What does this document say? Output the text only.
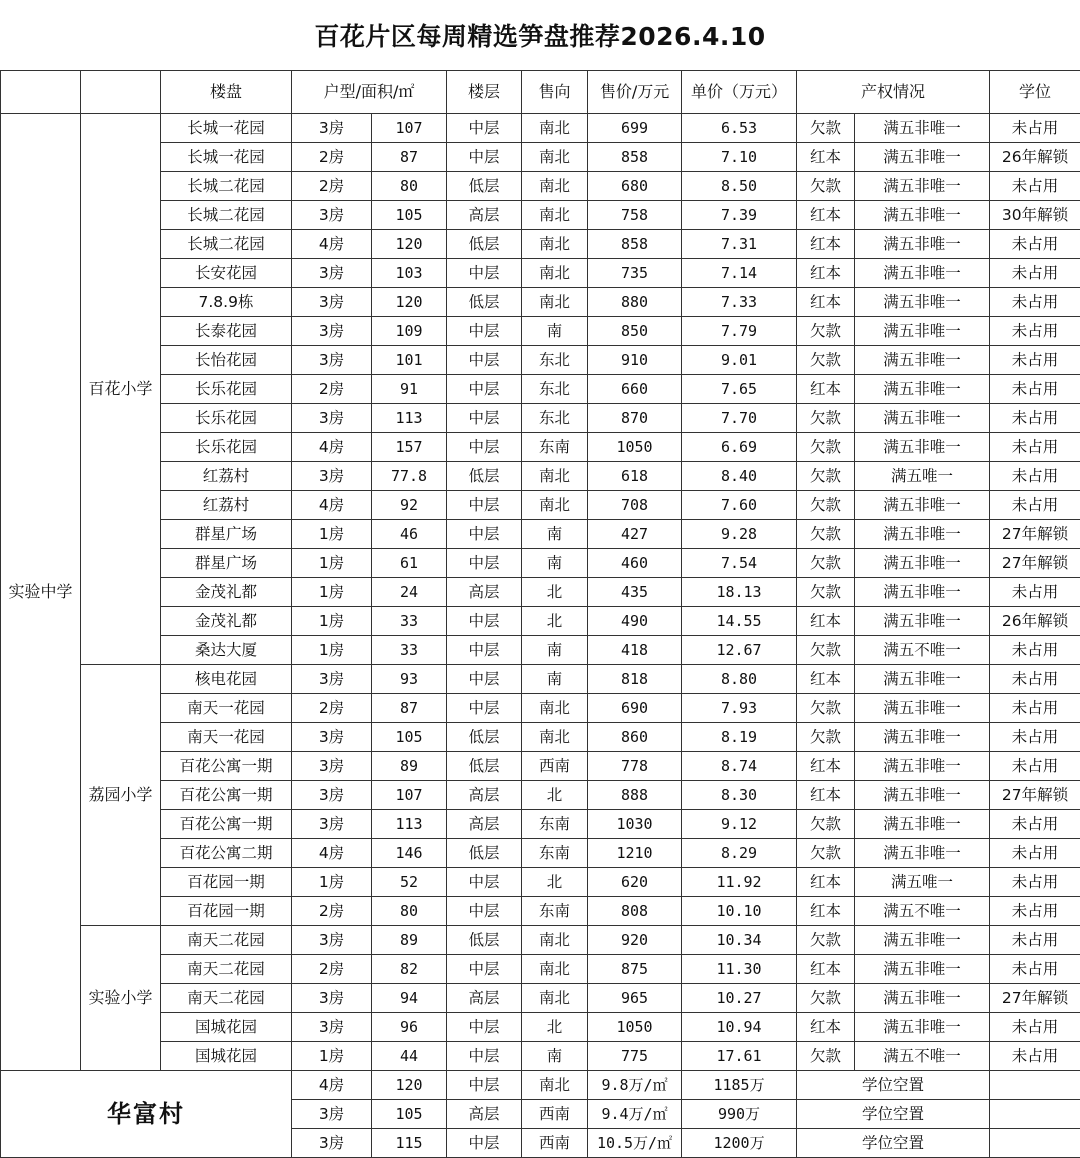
百花片区每周精选笋盘推荐2026.4.10
		楼盘	户型/面积/㎡		楼层	售向	售价/万元	单价（万元）	产权情况		学位
实验中学	百花小学	长城一花园	3房	107	中层	南北	699	6.53	欠款	满五非唯一	未占用
		长城一花园	2房	87	中层	南北	858	7.10	红本	满五非唯一	26年解锁
		长城二花园	2房	80	低层	南北	680	8.50	欠款	满五非唯一	未占用
		长城二花园	3房	105	高层	南北	758	7.39	红本	满五非唯一	30年解锁
		长城二花园	4房	120	低层	南北	858	7.31	红本	满五非唯一	未占用
		长安花园	3房	103	中层	南北	735	7.14	红本	满五非唯一	未占用
		7.8.9栋	3房	120	低层	南北	880	7.33	红本	满五非唯一	未占用
		长泰花园	3房	109	中层	南	850	7.79	欠款	满五非唯一	未占用
		长怡花园	3房	101	中层	东北	910	9.01	欠款	满五非唯一	未占用
		长乐花园	2房	91	中层	东北	660	7.65	红本	满五非唯一	未占用
		长乐花园	3房	113	中层	东北	870	7.70	欠款	满五非唯一	未占用
		长乐花园	4房	157	中层	东南	1050	6.69	欠款	满五非唯一	未占用
		红荔村	3房	77.8	低层	南北	618	8.40	欠款	满五唯一	未占用
		红荔村	4房	92	中层	南北	708	7.60	欠款	满五非唯一	未占用
		群星广场	1房	46	中层	南	427	9.28	欠款	满五非唯一	27年解锁
		群星广场	1房	61	中层	南	460	7.54	欠款	满五非唯一	27年解锁
		金茂礼都	1房	24	高层	北	435	18.13	欠款	满五非唯一	未占用
		金茂礼都	1房	33	中层	北	490	14.55	红本	满五非唯一	26年解锁
		桑达大厦	1房	33	中层	南	418	12.67	欠款	满五不唯一	未占用
	荔园小学	核电花园	3房	93	中层	南	818	8.80	红本	满五非唯一	未占用
		南天一花园	2房	87	中层	南北	690	7.93	欠款	满五非唯一	未占用
		南天一花园	3房	105	低层	南北	860	8.19	欠款	满五非唯一	未占用
		百花公寓一期	3房	89	低层	西南	778	8.74	红本	满五非唯一	未占用
		百花公寓一期	3房	107	高层	北	888	8.30	红本	满五非唯一	27年解锁
		百花公寓一期	3房	113	高层	东南	1030	9.12	欠款	满五非唯一	未占用
		百花公寓二期	4房	146	低层	东南	1210	8.29	欠款	满五非唯一	未占用
		百花园一期	1房	52	中层	北	620	11.92	红本	满五唯一	未占用
		百花园一期	2房	80	中层	东南	808	10.10	红本	满五不唯一	未占用
	实验小学	南天二花园	3房	89	低层	南北	920	10.34	欠款	满五非唯一	未占用
		南天二花园	2房	82	中层	南北	875	11.30	红本	满五非唯一	未占用
		南天二花园	3房	94	高层	南北	965	10.27	欠款	满五非唯一	27年解锁
		国城花园	3房	96	中层	北	1050	10.94	红本	满五非唯一	未占用
		国城花园	1房	44	中层	南	775	17.61	欠款	满五不唯一	未占用
华富村			4房	120	中层	南北	9.8万/㎡	1185万	学位空置		
			3房	105	高层	西南	9.4万/㎡	990万	学位空置		
			3房	115	中层	西南	10.5万/㎡	1200万	学位空置		
